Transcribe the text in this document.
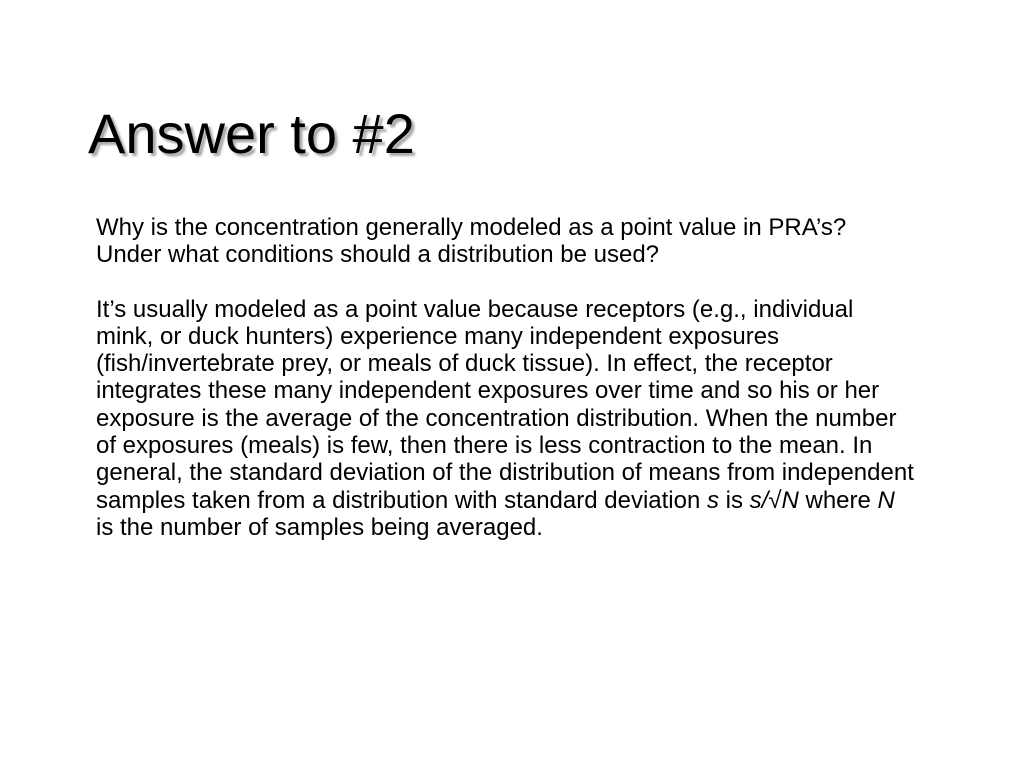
Answer to #2

Why is the concentration generally modeled as a point value in PRA’s? Under what conditions should a distribution be used?

It’s usually modeled as a point value because receptors (e.g., individual mink, or duck hunters) experience many independent exposures (fish/invertebrate prey, or meals of duck tissue). In effect, the receptor integrates these many independent exposures over time and so his or her exposure is the average of the concentration distribution. When the number of exposures (meals) is few, then there is less contraction to the mean. In general, the standard deviation of the distribution of means from independent samples taken from a distribution with standard deviation s is s/√N where N is the number of samples being averaged.
